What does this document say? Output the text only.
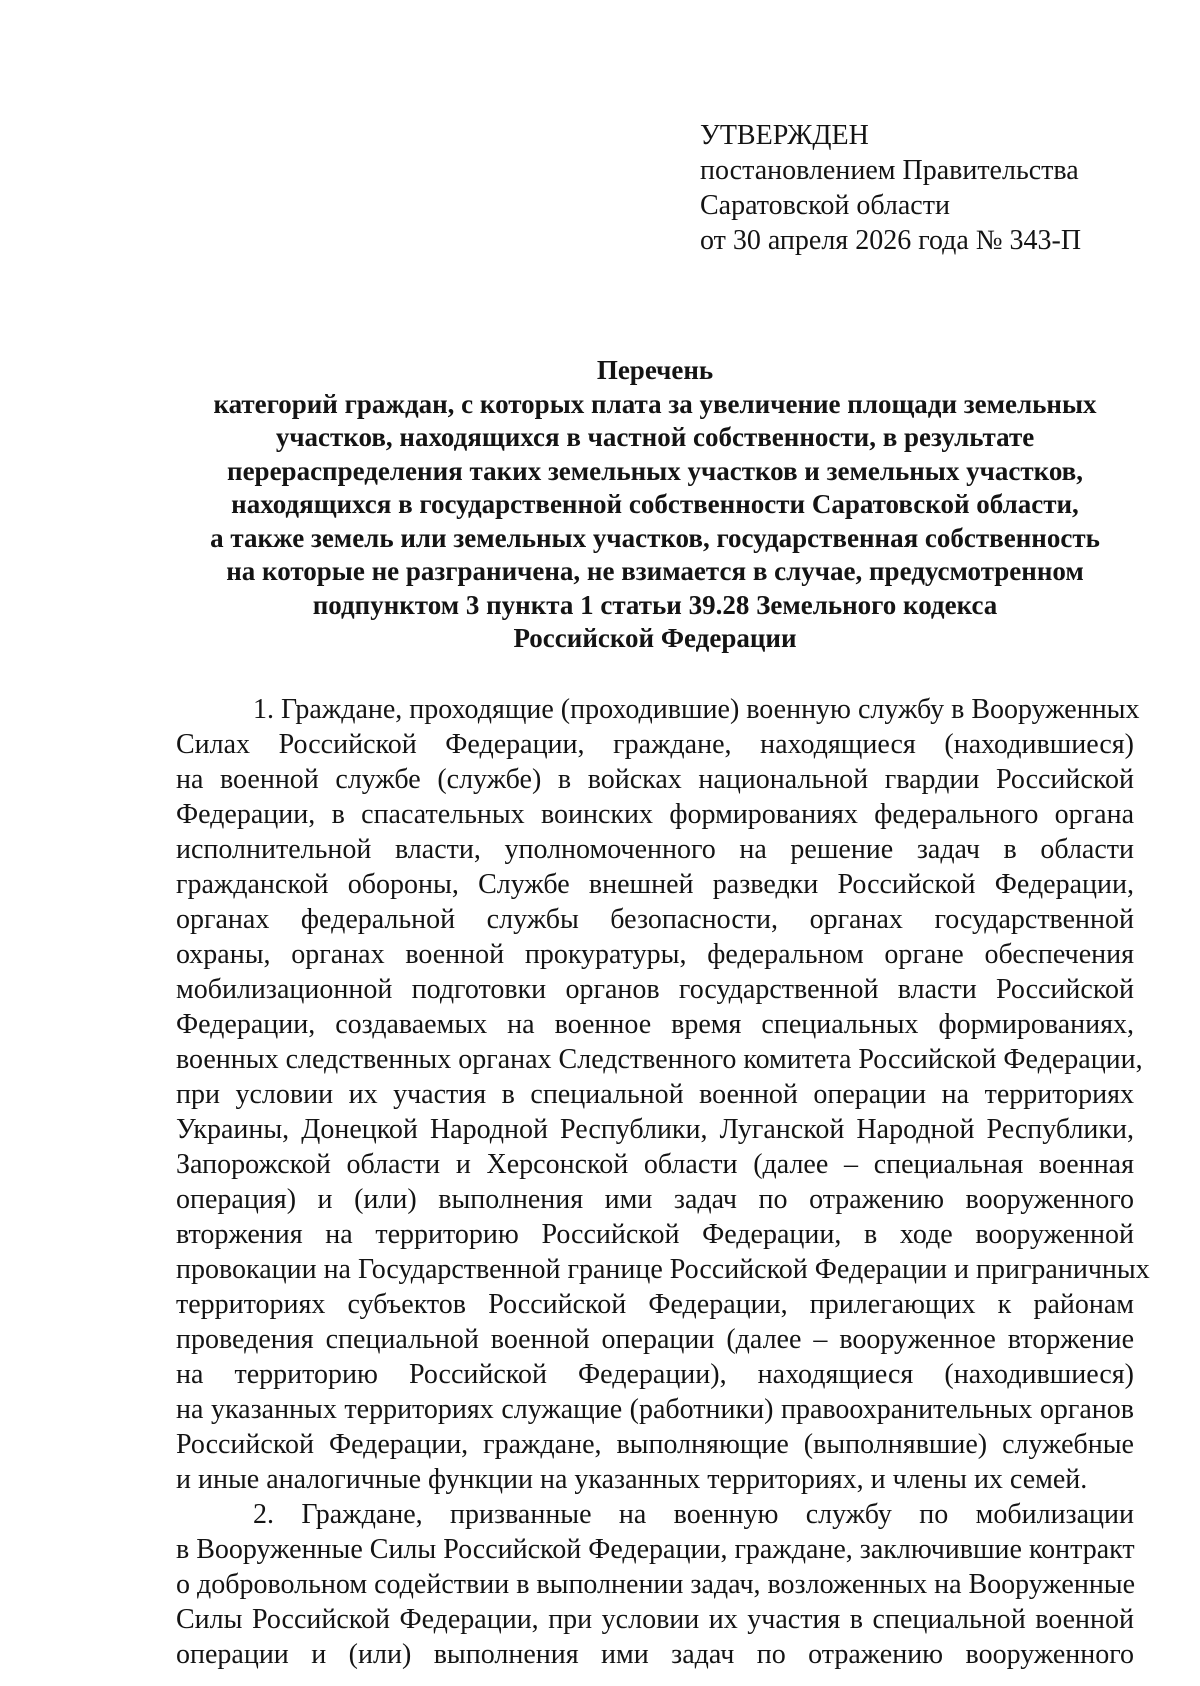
УТВЕРЖДЕН
постановлением Правительства
Саратовской области
от 30 апреля 2026 года № 343-П
Перечень
категорий граждан, с которых плата за увеличение площади земельных
участков, находящихся в частной собственности, в результате
перераспределения таких земельных участков и земельных участков,
находящихся в государственной собственности Саратовской области,
а также земель или земельных участков, государственная собственность
на которые не разграничена, не взимается в случае, предусмотренном
подпунктом 3 пункта 1 статьи 39.28 Земельного кодекса
Российской Федерации
1. Граждане, проходящие (проходившие) военную службу в Вооруженных
Силах Российской Федерации, граждане, находящиеся (находившиеся)
на военной службе (службе) в войсках национальной гвардии Российской
Федерации, в спасательных воинских формированиях федерального органа
исполнительной власти, уполномоченного на решение задач в области
гражданской обороны, Службе внешней разведки Российской Федерации,
органах федеральной службы безопасности, органах государственной
охраны, органах военной прокуратуры, федеральном органе обеспечения
мобилизационной подготовки органов государственной власти Российской
Федерации, создаваемых на военное время специальных формированиях,
военных следственных органах Следственного комитета Российской Федерации,
при условии их участия в специальной военной операции на территориях
Украины, Донецкой Народной Республики, Луганской Народной Республики,
Запорожской области и Херсонской области (далее – специальная военная
операция) и (или) выполнения ими задач по отражению вооруженного
вторжения на территорию Российской Федерации, в ходе вооруженной
провокации на Государственной границе Российской Федерации и приграничных
территориях субъектов Российской Федерации, прилегающих к районам
проведения специальной военной операции (далее – вооруженное вторжение
на территорию Российской Федерации), находящиеся (находившиеся)
на указанных территориях служащие (работники) правоохранительных органов
Российской Федерации, граждане, выполняющие (выполнявшие) служебные
и иные аналогичные функции на указанных территориях, и члены их семей.
2. Граждане, призванные на военную службу по мобилизации
в Вооруженные Силы Российской Федерации, граждане, заключившие контракт
о добровольном содействии в выполнении задач, возложенных на Вооруженные
Силы Российской Федерации, при условии их участия в специальной военной
операции и (или) выполнения ими задач по отражению вооруженного
